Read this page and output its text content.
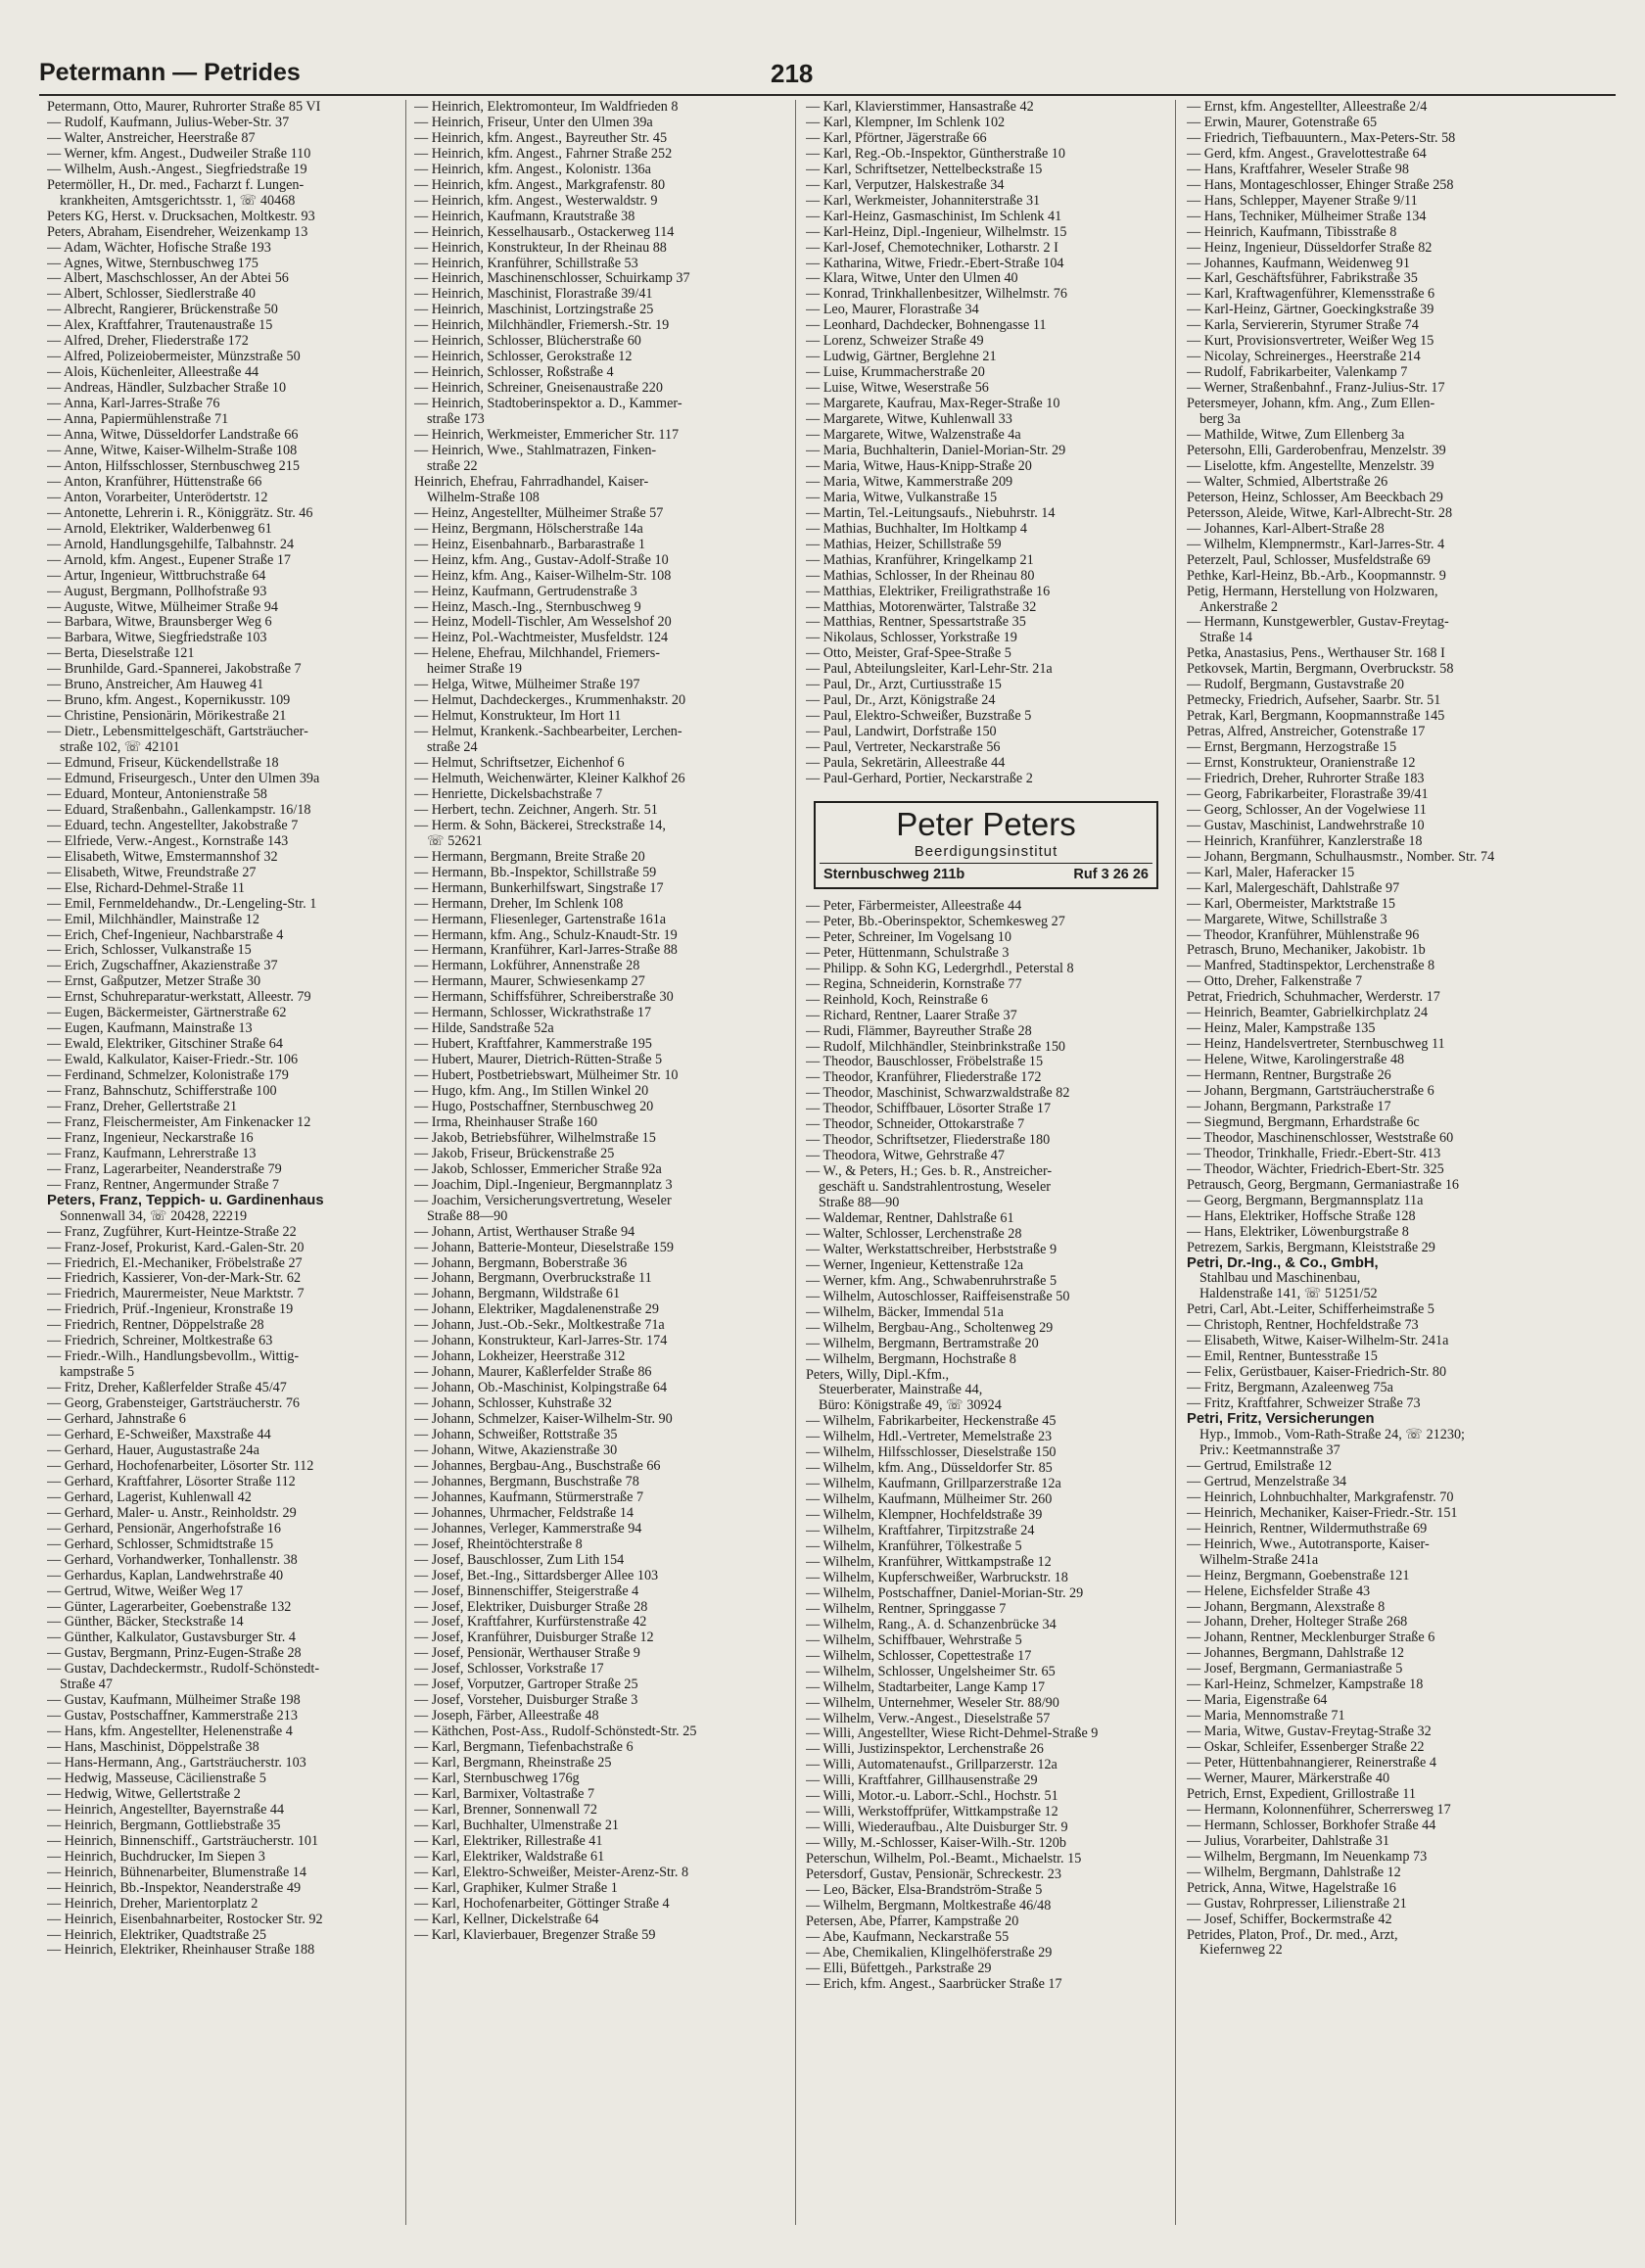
Petermann — Petrides	218
Petermann, Otto, Maurer, Ruhrorter Straße 85 VI
— Rudolf, Kaufmann, Julius-Weber-Str. 37
— Walter, Anstreicher, Heerstraße 87
— Werner, kfm. Angest., Dudweiler Straße 110
— Wilhelm, Aush.-Angest., Siegfriedstraße 19
Petermöller, H., Dr. med., Facharzt f. Lungen-
krankheiten, Amtsgerichtsstr. 1, ☏ 40468
Peters KG, Herst. v. Drucksachen, Moltkestr. 93
Peters, Abraham, Eisendreher, Weizenkamp 13
— Adam, Wächter, Hofische Straße 193
— Agnes, Witwe, Sternbuschweg 175
— Albert, Maschschlosser, An der Abtei 56
— Albert, Schlosser, Siedlerstraße 40
— Albrecht, Rangierer, Brückenstraße 50
— Alex, Kraftfahrer, Trautenaustraße 15
— Alfred, Dreher, Fliederstraße 172
— Alfred, Polizeiobermeister, Münzstraße 50
— Alois, Küchenleiter, Alleestraße 44
— Andreas, Händler, Sulzbacher Straße 10
— Anna, Karl-Jarres-Straße 76
— Anna, Papiermühlenstraße 71
— Anna, Witwe, Düsseldorfer Landstraße 66
— Anne, Witwe, Kaiser-Wilhelm-Straße 108
— Anton, Hilfsschlosser, Sternbuschweg 215
— Anton, Kranführer, Hüttenstraße 66
— Anton, Vorarbeiter, Unterödertstr. 12
— Antonette, Lehrerin i. R., Königgrätz. Str. 46
— Arnold, Elektriker, Walderbenweg 61
— Arnold, Handlungsgehilfe, Talbahnstr. 24
— Arnold, kfm. Angest., Eupener Straße 17
— Artur, Ingenieur, Wittbruchstraße 64
— August, Bergmann, Pollhofstraße 93
— Auguste, Witwe, Mülheimer Straße 94
— Barbara, Witwe, Braunsberger Weg 6
— Barbara, Witwe, Siegfriedstraße 103
— Berta, Dieselstraße 121
— Brunhilde, Gard.-Spannerei, Jakobstraße 7
— Bruno, Anstreicher, Am Hauweg 41
— Bruno, kfm. Angest., Kopernikusstr. 109
— Christine, Pensionärin, Mörikestraße 21
— Dietr., Lebensmittelgeschäft, Gartsträucher-
straße 102, ☏ 42101
— Edmund, Friseur, Kückendellstraße 18
— Edmund, Friseurgesch., Unter den Ulmen 39a
— Eduard, Monteur, Antonienstraße 58
— Eduard, Straßenbahn., Gallenkampstr. 16/18
— Eduard, techn. Angestellter, Jakobstraße 7
— Elfriede, Verw.-Angest., Kornstraße 143
— Elisabeth, Witwe, Emstermannshof 32
— Elisabeth, Witwe, Freundstraße 27
— Else, Richard-Dehmel-Straße 11
— Emil, Fernmeldehandw., Dr.-Lengeling-Str. 1
— Emil, Milchhändler, Mainstraße 12
— Erich, Chef-Ingenieur, Nachbarstraße 4
— Erich, Schlosser, Vulkanstraße 15
— Erich, Zugschaffner, Akazienstraße 37
— Ernst, Gaßputzer, Metzer Straße 30
— Ernst, Schuhreparatur-werkstatt, Alleestr. 79
— Eugen, Bäckermeister, Gärtnerstraße 62
— Eugen, Kaufmann, Mainstraße 13
— Ewald, Elektriker, Gitschiner Straße 64
— Ewald, Kalkulator, Kaiser-Friedr.-Str. 106
— Ferdinand, Schmelzer, Kolonistraße 179
— Franz, Bahnschutz, Schifferstraße 100
— Franz, Dreher, Gellertstraße 21
— Franz, Fleischermeister, Am Finkenacker 12
— Franz, Ingenieur, Neckarstraße 16
— Franz, Kaufmann, Lehrerstraße 13
— Franz, Lagerarbeiter, Neanderstraße 79
— Franz, Rentner, Angermunder Straße 7
Peters, Franz, Teppich- u. Gardinenhaus
Sonnenwall 34, ☏ 20428, 22219
— Franz, Zugführer, Kurt-Heintze-Straße 22
— Franz-Josef, Prokurist, Kard.-Galen-Str. 20
— Friedrich, El.-Mechaniker, Fröbelstraße 27
— Friedrich, Kassierer, Von-der-Mark-Str. 62
— Friedrich, Maurermeister, Neue Marktstr. 7
— Friedrich, Prüf.-Ingenieur, Kronstraße 19
— Friedrich, Rentner, Döppelstraße 28
— Friedrich, Schreiner, Moltkestraße 63
— Friedr.-Wilh., Handlungsbevollm., Wittig-
kampstraße 5
— Fritz, Dreher, Kaßlerfelder Straße 45/47
— Georg, Grabensteiger, Gartsträucherstr. 76
— Gerhard, Jahnstraße 6
— Gerhard, E-Schweißer, Maxstraße 44
— Gerhard, Hauer, Augustastraße 24a
— Gerhard, Hochofenarbeiter, Lösorter Str. 112
— Gerhard, Kraftfahrer, Lösorter Straße 112
— Gerhard, Lagerist, Kuhlenwall 42
— Gerhard, Maler- u. Anstr., Reinholdstr. 29
— Gerhard, Pensionär, Angerhofstraße 16
— Gerhard, Schlosser, Schmidtstraße 15
— Gerhard, Vorhandwerker, Tonhallenstr. 38
— Gerhardus, Kaplan, Landwehrstraße 40
— Gertrud, Witwe, Weißer Weg 17
— Günter, Lagerarbeiter, Goebenstraße 132
— Günther, Bäcker, Steckstraße 14
— Günther, Kalkulator, Gustavsburger Str. 4
— Gustav, Bergmann, Prinz-Eugen-Straße 28
— Gustav, Dachdeckermstr., Rudolf-Schönstedt-
Straße 47
— Gustav, Kaufmann, Mülheimer Straße 198
— Gustav, Postschaffner, Kammerstraße 213
— Hans, kfm. Angestellter, Helenenstraße 4
— Hans, Maschinist, Döppelstraße 38
— Hans-Hermann, Ang., Gartsträucherstr. 103
— Hedwig, Masseuse, Cäcilienstraße 5
— Hedwig, Witwe, Gellertstraße 2
— Heinrich, Angestellter, Bayernstraße 44
— Heinrich, Bergmann, Gottliebstraße 35
— Heinrich, Binnenschiff., Gartsträucherstr. 101
— Heinrich, Buchdrucker, Im Siepen 3
— Heinrich, Bühnenarbeiter, Blumenstraße 14
— Heinrich, Bb.-Inspektor, Neanderstraße 49
— Heinrich, Dreher, Marientorplatz 2
— Heinrich, Eisenbahnarbeiter, Rostocker Str. 92
— Heinrich, Elektriker, Quadtstraße 25
— Heinrich, Elektriker, Rheinhauser Straße 188
— Heinrich, Elektromonteur, Im Waldfrieden 8
— Heinrich, Friseur, Unter den Ulmen 39a
— Heinrich, kfm. Angest., Bayreuther Str. 45
— Heinrich, kfm. Angest., Fahrner Straße 252
— Heinrich, kfm. Angest., Kolonistr. 136a
— Heinrich, kfm. Angest., Markgrafenstr. 80
— Heinrich, kfm. Angest., Westerwaldstr. 9
— Heinrich, Kaufmann, Krautstraße 38
— Heinrich, Kesselhausarb., Ostackerweg 114
— Heinrich, Konstrukteur, In der Rheinau 88
— Heinrich, Kranführer, Schillstraße 53
— Heinrich, Maschinenschlosser, Schuirkamp 37
— Heinrich, Maschinist, Florastraße 39/41
— Heinrich, Maschinist, Lortzingstraße 25
— Heinrich, Milchhändler, Friemersh.-Str. 19
— Heinrich, Schlosser, Blücherstraße 60
— Heinrich, Schlosser, Gerokstraße 12
— Heinrich, Schlosser, Roßstraße 4
— Heinrich, Schreiner, Gneisenaustraße 220
— Heinrich, Stadtoberinspektor a. D., Kammer-
straße 173
— Heinrich, Werkmeister, Emmericher Str. 117
— Heinrich, Wwe., Stahlmatrazen, Finken-
straße 22
Heinrich, Ehefrau, Fahrradhandel, Kaiser-
Wilhelm-Straße 108
— Heinz, Angestellter, Mülheimer Straße 57
— Heinz, Bergmann, Hölscherstraße 14a
— Heinz, Eisenbahnarb., Barbarastraße 1
— Heinz, kfm. Ang., Gustav-Adolf-Straße 10
— Heinz, kfm. Ang., Kaiser-Wilhelm-Str. 108
— Heinz, Kaufmann, Gertrudenstraße 3
— Heinz, Masch.-Ing., Sternbuschweg 9
— Heinz, Modell-Tischler, Am Wesselshof 20
— Heinz, Pol.-Wachtmeister, Musfeldstr. 124
— Helene, Ehefrau, Milchhandel, Friemers-
heimer Straße 19
— Helga, Witwe, Mülheimer Straße 197
— Helmut, Dachdeckerges., Krummenhakstr. 20
— Helmut, Konstrukteur, Im Hort 11
— Helmut, Krankenk.-Sachbearbeiter, Lerchen-
straße 24
— Helmut, Schriftsetzer, Eichenhof 6
— Helmuth, Weichenwärter, Kleiner Kalkhof 26
— Henriette, Dickelsbachstraße 7
— Herbert, techn. Zeichner, Angerh. Str. 51
— Herm. & Sohn, Bäckerei, Streckstraße 14,
☏ 52621
— Hermann, Bergmann, Breite Straße 20
— Hermann, Bb.-Inspektor, Schillstraße 59
— Hermann, Bunkerhilfswart, Singstraße 17
— Hermann, Dreher, Im Schlenk 108
— Hermann, Fliesenleger, Gartenstraße 161a
— Hermann, kfm. Ang., Schulz-Knaudt-Str. 19
— Hermann, Kranführer, Karl-Jarres-Straße 88
— Hermann, Lokführer, Annenstraße 28
— Hermann, Maurer, Schwiesenkamp 27
— Hermann, Schiffsführer, Schreiberstraße 30
— Hermann, Schlosser, Wickrathstraße 17
— Hilde, Sandstraße 52a
— Hubert, Kraftfahrer, Kammerstraße 195
— Hubert, Maurer, Dietrich-Rütten-Straße 5
— Hubert, Postbetriebswart, Mülheimer Str. 10
— Hugo, kfm. Ang., Im Stillen Winkel 20
— Hugo, Postschaffner, Sternbuschweg 20
— Irma, Rheinhauser Straße 160
— Jakob, Betriebsführer, Wilhelmstraße 15
— Jakob, Friseur, Brückenstraße 25
— Jakob, Schlosser, Emmericher Straße 92a
— Joachim, Dipl.-Ingenieur, Bergmannplatz 3
— Joachim, Versicherungsvertretung, Weseler
Straße 88—90
— Johann, Artist, Werthauser Straße 94
— Johann, Batterie-Monteur, Dieselstraße 159
— Johann, Bergmann, Boberstraße 36
— Johann, Bergmann, Overbruckstraße 11
— Johann, Bergmann, Wildstraße 61
— Johann, Elektriker, Magdalenenstraße 29
— Johann, Just.-Ob.-Sekr., Moltkestraße 71a
— Johann, Konstrukteur, Karl-Jarres-Str. 174
— Johann, Lokheizer, Heerstraße 312
— Johann, Maurer, Kaßlerfelder Straße 86
— Johann, Ob.-Maschinist, Kolpingstraße 64
— Johann, Schlosser, Kuhstraße 32
— Johann, Schmelzer, Kaiser-Wilhelm-Str. 90
— Johann, Schweißer, Rottstraße 35
— Johann, Witwe, Akazienstraße 30
— Johannes, Bergbau-Ang., Buschstraße 66
— Johannes, Bergmann, Buschstraße 78
— Johannes, Kaufmann, Stürmerstraße 7
— Johannes, Uhrmacher, Feldstraße 14
— Johannes, Verleger, Kammerstraße 94
— Josef, Rheintöchterstraße 8
— Josef, Bauschlosser, Zum Lith 154
— Josef, Bet.-Ing., Sittardsberger Allee 103
— Josef, Binnenschiffer, Steigerstraße 4
— Josef, Elektriker, Duisburger Straße 28
— Josef, Kraftfahrer, Kurfürstenstraße 42
— Josef, Kranführer, Duisburger Straße 12
— Josef, Pensionär, Werthauser Straße 9
— Josef, Schlosser, Vorkstraße 17
— Josef, Vorputzer, Gartroper Straße 25
— Josef, Vorsteher, Duisburger Straße 3
— Joseph, Färber, Alleestraße 48
— Käthchen, Post-Ass., Rudolf-Schönstedt-Str. 25
— Karl, Bergmann, Tiefenbachstraße 6
— Karl, Bergmann, Rheinstraße 25
— Karl, Sternbuschweg 176g
— Karl, Barmixer, Voltastraße 7
— Karl, Brenner, Sonnenwall 72
— Karl, Buchhalter, Ulmenstraße 21
— Karl, Elektriker, Rillestraße 41
— Karl, Elektriker, Waldstraße 61
— Karl, Elektro-Schweißer, Meister-Arenz-Str. 8
— Karl, Graphiker, Kulmer Straße 1
— Karl, Hochofenarbeiter, Göttinger Straße 4
— Karl, Kellner, Dickelstraße 64
— Karl, Klavierbauer, Bregenzer Straße 59
— Karl, Klavierstimmer, Hansastraße 42
— Karl, Klempner, Im Schlenk 102
— Karl, Pförtner, Jägerstraße 66
— Karl, Reg.-Ob.-Inspektor, Güntherstraße 10
— Karl, Schriftsetzer, Nettelbeckstraße 15
— Karl, Verputzer, Halskestraße 34
— Karl, Werkmeister, Johanniterstraße 31
— Karl-Heinz, Gasmaschinist, Im Schlenk 41
— Karl-Heinz, Dipl.-Ingenieur, Wilhelmstr. 15
— Karl-Josef, Chemotechniker, Lotharstr. 2 I
— Katharina, Witwe, Friedr.-Ebert-Straße 104
— Klara, Witwe, Unter den Ulmen 40
— Konrad, Trinkhallenbesitzer, Wilhelmstr. 76
— Leo, Maurer, Florastraße 34
— Leonhard, Dachdecker, Bohnengasse 11
— Lorenz, Schweizer Straße 49
— Ludwig, Gärtner, Berglehne 21
— Luise, Krummacherstraße 20
— Luise, Witwe, Weserstraße 56
— Margarete, Kaufrau, Max-Reger-Straße 10
— Margarete, Witwe, Kuhlenwall 33
— Margarete, Witwe, Walzenstraße 4a
— Maria, Buchhalterin, Daniel-Morian-Str. 29
— Maria, Witwe, Haus-Knipp-Straße 20
— Maria, Witwe, Kammerstraße 209
— Maria, Witwe, Vulkanstraße 15
— Martin, Tel.-Leitungsaufs., Niebuhrstr. 14
— Mathias, Buchhalter, Im Holtkamp 4
— Mathias, Heizer, Schillstraße 59
— Mathias, Kranführer, Kringelkamp 21
— Mathias, Schlosser, In der Rheinau 80
— Matthias, Elektriker, Freiligrathstraße 16
— Matthias, Motorenwärter, Talstraße 32
— Matthias, Rentner, Spessartstraße 35
— Nikolaus, Schlosser, Yorkstraße 19
— Otto, Meister, Graf-Spee-Straße 5
— Paul, Abteilungsleiter, Karl-Lehr-Str. 21a
— Paul, Dr., Arzt, Curtiusstraße 15
— Paul, Dr., Arzt, Königstraße 24
— Paul, Elektro-Schweißer, Buzstraße 5
— Paul, Landwirt, Dorfstraße 150
— Paul, Vertreter, Neckarstraße 56
— Paula, Sekretärin, Alleestraße 44
— Paul-Gerhard, Portier, Neckarstraße 2
Peter Peters
Beerdigungsinstitut
Sternbuschweg 211b	Ruf 3 26 26
— Peter, Färbermeister, Alleestraße 44
— Peter, Bb.-Oberinspektor, Schemkesweg 27
— Peter, Schreiner, Im Vogelsang 10
— Peter, Hüttenmann, Schulstraße 3
— Philipp. & Sohn KG, Ledergrhdl., Peterstal 8
— Regina, Schneiderin, Kornstraße 77
— Reinhold, Koch, Reinstraße 6
— Richard, Rentner, Laarer Straße 37
— Rudi, Flämmer, Bayreuther Straße 28
— Rudolf, Milchhändler, Steinbrinkstraße 150
— Theodor, Bauschlosser, Fröbelstraße 15
— Theodor, Kranführer, Fliederstraße 172
— Theodor, Maschinist, Schwarzwaldstraße 82
— Theodor, Schiffbauer, Lösorter Straße 17
— Theodor, Schneider, Ottokarstraße 7
— Theodor, Schriftsetzer, Fliederstraße 180
— Theodora, Witwe, Gehrstraße 47
— W., & Peters, H.; Ges. b. R., Anstreicher-
geschäft u. Sandstrahlentrostung, Weseler
Straße 88—90
— Waldemar, Rentner, Dahlstraße 61
— Walter, Schlosser, Lerchenstraße 28
— Walter, Werkstattschreiber, Herbststraße 9
— Werner, Ingenieur, Kettenstraße 12a
— Werner, kfm. Ang., Schwabenruhrstraße 5
— Wilhelm, Autoschlosser, Raiffeisenstraße 50
— Wilhelm, Bäcker, Immendal 51a
— Wilhelm, Bergbau-Ang., Scholtenweg 29
— Wilhelm, Bergmann, Bertramstraße 20
— Wilhelm, Bergmann, Hochstraße 8
Peters, Willy, Dipl.-Kfm.,
Steuerberater, Mainstraße 44,
Büro: Königstraße 49, ☏ 30924
— Wilhelm, Fabrikarbeiter, Heckenstraße 45
— Wilhelm, Hdl.-Vertreter, Memelstraße 23
— Wilhelm, Hilfsschlosser, Dieselstraße 150
— Wilhelm, kfm. Ang., Düsseldorfer Str. 85
— Wilhelm, Kaufmann, Grillparzerstraße 12a
— Wilhelm, Kaufmann, Mülheimer Str. 260
— Wilhelm, Klempner, Hochfeldstraße 39
— Wilhelm, Kraftfahrer, Tirpitzstraße 24
— Wilhelm, Kranführer, Tölkestraße 5
— Wilhelm, Kranführer, Wittkampstraße 12
— Wilhelm, Kupferschweißer, Warbruckstr. 18
— Wilhelm, Postschaffner, Daniel-Morian-Str. 29
— Wilhelm, Rentner, Springgasse 7
— Wilhelm, Rang., A. d. Schanzenbrücke 34
— Wilhelm, Schiffbauer, Wehrstraße 5
— Wilhelm, Schlosser, Copettestraße 17
— Wilhelm, Schlosser, Ungelsheimer Str. 65
— Wilhelm, Stadtarbeiter, Lange Kamp 17
— Wilhelm, Unternehmer, Weseler Str. 88/90
— Wilhelm, Verw.-Angest., Dieselstraße 57
— Willi, Angestellter, Wiese Richt-Dehmel-Straße 9
— Willi, Justizinspektor, Lerchenstraße 26
— Willi, Automatenaufst., Grillparzerstr. 12a
— Willi, Kraftfahrer, Gillhausenstraße 29
— Willi, Motor.-u. Laborr.-Schl., Hochstr. 51
— Willi, Werkstoffprüfer, Wittkampstraße 12
— Willi, Wiederaufbau., Alte Duisburger Str. 9
— Willy, M.-Schlosser, Kaiser-Wilh.-Str. 120b
Peterschun, Wilhelm, Pol.-Beamt., Michaelstr. 15
Petersdorf, Gustav, Pensionär, Schreckestr. 23
— Leo, Bäcker, Elsa-Brandström-Straße 5
— Wilhelm, Bergmann, Moltkestraße 46/48
Petersen, Abe, Pfarrer, Kampstraße 20
— Abe, Kaufmann, Neckarstraße 55
— Abe, Chemikalien, Klingelhöferstraße 29
— Elli, Büfettgeh., Parkstraße 29
— Erich, kfm. Angest., Saarbrücker Straße 17
— Ernst, kfm. Angestellter, Alleestraße 2/4
— Erwin, Maurer, Gotenstraße 65
— Friedrich, Tiefbauuntern., Max-Peters-Str. 58
— Gerd, kfm. Angest., Gravelottestraße 64
— Hans, Kraftfahrer, Weseler Straße 98
— Hans, Montageschlosser, Ehinger Straße 258
— Hans, Schlepper, Mayener Straße 9/11
— Hans, Techniker, Mülheimer Straße 134
— Heinrich, Kaufmann, Tibisstraße 8
— Heinz, Ingenieur, Düsseldorfer Straße 82
— Johannes, Kaufmann, Weidenweg 91
— Karl, Geschäftsführer, Fabrikstraße 35
— Karl, Kraftwagenführer, Klemensstraße 6
— Karl-Heinz, Gärtner, Goeckingkstraße 39
— Karla, Serviererin, Styrumer Straße 74
— Kurt, Provisionsvertreter, Weißer Weg 15
— Nicolay, Schreinerges., Heerstraße 214
— Rudolf, Fabrikarbeiter, Valenkamp 7
— Werner, Straßenbahnf., Franz-Julius-Str. 17
Petersmeyer, Johann, kfm. Ang., Zum Ellen-
berg 3a
— Mathilde, Witwe, Zum Ellenberg 3a
Petersohn, Elli, Garderobenfrau, Menzelstr. 39
— Liselotte, kfm. Angestellte, Menzelstr. 39
— Walter, Schmied, Albertstraße 26
Peterson, Heinz, Schlosser, Am Beeckbach 29
Petersson, Aleide, Witwe, Karl-Albrecht-Str. 28
— Johannes, Karl-Albert-Straße 28
— Wilhelm, Klempnermstr., Karl-Jarres-Str. 4
Peterzelt, Paul, Schlosser, Musfeldstraße 69
Pethke, Karl-Heinz, Bb.-Arb., Koopmannstr. 9
Petig, Hermann, Herstellung von Holzwaren,
Ankerstraße 2
— Hermann, Kunstgewerbler, Gustav-Freytag-
Straße 14
Petka, Anastasius, Pens., Werthauser Str. 168 I
Petkovsek, Martin, Bergmann, Overbruckstr. 58
— Rudolf, Bergmann, Gustavstraße 20
Petmecky, Friedrich, Aufseher, Saarbr. Str. 51
Petrak, Karl, Bergmann, Koopmannstraße 145
Petras, Alfred, Anstreicher, Gotenstraße 17
— Ernst, Bergmann, Herzogstraße 15
— Ernst, Konstrukteur, Oranienstraße 12
— Friedrich, Dreher, Ruhrorter Straße 183
— Georg, Fabrikarbeiter, Florastraße 39/41
— Georg, Schlosser, An der Vogelwiese 11
— Gustav, Maschinist, Landwehrstraße 10
— Heinrich, Kranführer, Kanzlerstraße 18
— Johann, Bergmann, Schulhausmstr., Nomber. Str. 74
— Karl, Maler, Haferacker 15
— Karl, Malergeschäft, Dahlstraße 97
— Karl, Obermeister, Marktstraße 15
— Margarete, Witwe, Schillstraße 3
— Theodor, Kranführer, Mühlenstraße 96
Petrasch, Bruno, Mechaniker, Jakobistr. 1b
— Manfred, Stadtinspektor, Lerchenstraße 8
— Otto, Dreher, Falkenstraße 7
Petrat, Friedrich, Schuhmacher, Werderstr. 17
— Heinrich, Beamter, Gabrielkirchplatz 24
— Heinz, Maler, Kampstraße 135
— Heinz, Handelsvertreter, Sternbuschweg 11
— Helene, Witwe, Karolingerstraße 48
— Hermann, Rentner, Burgstraße 26
— Johann, Bergmann, Gartsträucherstraße 6
— Johann, Bergmann, Parkstraße 17
— Siegmund, Bergmann, Erhardstraße 6c
— Theodor, Maschinenschlosser, Weststraße 60
— Theodor, Trinkhalle, Friedr.-Ebert-Str. 413
— Theodor, Wächter, Friedrich-Ebert-Str. 325
Petrausch, Georg, Bergmann, Germaniastraße 16
— Georg, Bergmann, Bergmannsplatz 11a
— Hans, Elektriker, Hoffsche Straße 128
— Hans, Elektriker, Löwenburgstraße 8
Petrezem, Sarkis, Bergmann, Kleiststraße 29
Petri, Dr.-Ing., & Co., GmbH,
Stahlbau und Maschinenbau,
Haldenstraße 141, ☏ 51251/52
Petri, Carl, Abt.-Leiter, Schifferheimstraße 5
— Christoph, Rentner, Hochfeldstraße 73
— Elisabeth, Witwe, Kaiser-Wilhelm-Str. 241a
— Emil, Rentner, Buntesstraße 15
— Felix, Gerüstbauer, Kaiser-Friedrich-Str. 80
— Fritz, Bergmann, Azaleenweg 75a
— Fritz, Kraftfahrer, Schweizer Straße 73
Petri, Fritz, Versicherungen
Hyp., Immob., Vom-Rath-Straße 24, ☏ 21230;
Priv.: Keetmannstraße 37
— Gertrud, Emilstraße 12
— Gertrud, Menzelstraße 34
— Heinrich, Lohnbuchhalter, Markgrafenstr. 70
— Heinrich, Mechaniker, Kaiser-Friedr.-Str. 151
— Heinrich, Rentner, Wildermuthstraße 69
— Heinrich, Wwe., Autotransporte, Kaiser-
Wilhelm-Straße 241a
— Heinz, Bergmann, Goebenstraße 121
— Helene, Eichsfelder Straße 43
— Johann, Bergmann, Alexstraße 8
— Johann, Dreher, Holteger Straße 268
— Johann, Rentner, Mecklenburger Straße 6
— Johannes, Bergmann, Dahlstraße 12
— Josef, Bergmann, Germaniastraße 5
— Karl-Heinz, Schmelzer, Kampstraße 18
— Maria, Eigenstraße 64
— Maria, Mennomstraße 71
— Maria, Witwe, Gustav-Freytag-Straße 32
— Oskar, Schleifer, Essenberger Straße 22
— Peter, Hüttenbahnangierer, Reinerstraße 4
— Werner, Maurer, Märkerstraße 40
Petrich, Ernst, Expedient, Grillostraße 11
— Hermann, Kolonnenführer, Scherrersweg 17
— Hermann, Schlosser, Borkhofer Straße 44
— Julius, Vorarbeiter, Dahlstraße 31
— Wilhelm, Bergmann, Im Neuenkamp 73
— Wilhelm, Bergmann, Dahlstraße 12
Petrick, Anna, Witwe, Hagelstraße 16
— Gustav, Rohrpresser, Lilienstraße 21
— Josef, Schiffer, Bockermstraße 42
Petrides, Platon, Prof., Dr. med., Arzt,
Kiefernweg 22
